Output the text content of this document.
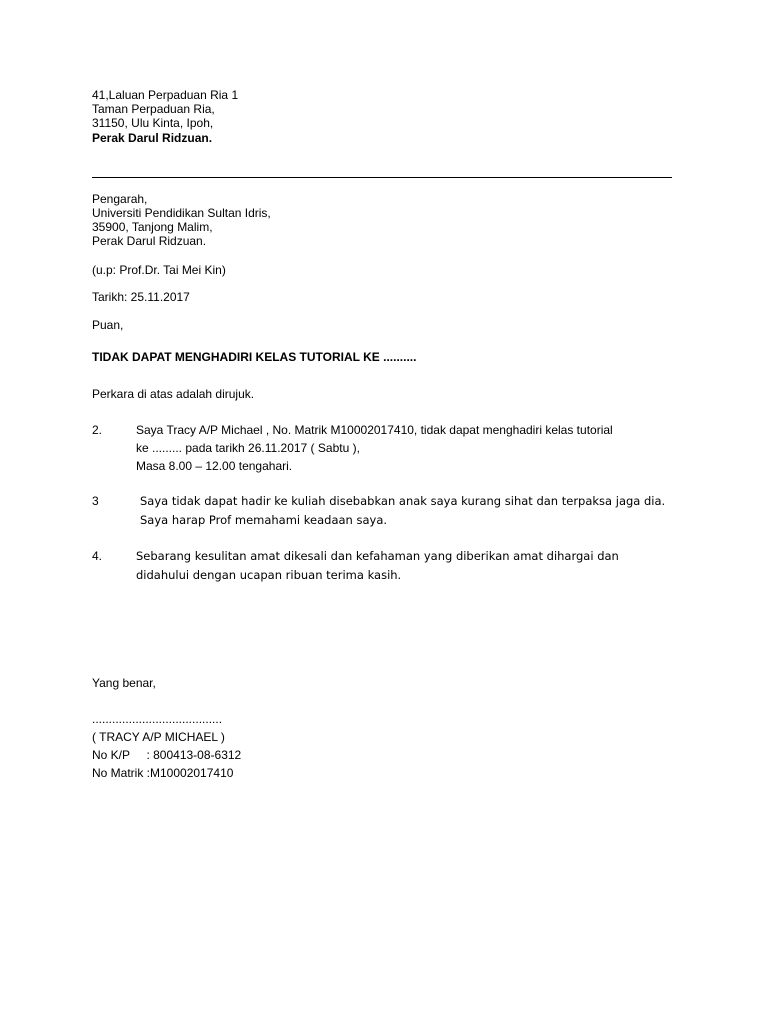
41,Laluan Perpaduan Ria 1
Taman Perpaduan Ria,
31150, Ulu Kinta, Ipoh,
Perak Darul Ridzuan.
Pengarah,
Universiti Pendidikan Sultan Idris,
35900, Tanjong Malim,
Perak Darul Ridzuan.
(u.p: Prof.Dr. Tai Mei Kin)
Tarikh: 25.11.2017
Puan,
TIDAK DAPAT MENGHADIRI KELAS TUTORIAL KE ..........
Perkara di atas adalah dirujuk.
2.	Saya Tracy A/P Michael , No. Matrik M10002017410, tidak dapat menghadiri kelas tutorial
ke ......... pada tarikh 26.11.2017 ( Sabtu ),
Masa 8.00 – 12.00 tengahari.
3	Saya tidak dapat hadir ke kuliah disebabkan anak saya kurang sihat dan terpaksa jaga dia.
Saya harap Prof memahami keadaan saya.
4.	Sebarang kesulitan amat dikesali dan kefahaman yang diberikan amat dihargai dan
didahului dengan ucapan ribuan terima kasih.
Yang benar,
.......................................
( TRACY A/P MICHAEL )
No K/P     : 800413-08-6312
No Matrik :M10002017410
